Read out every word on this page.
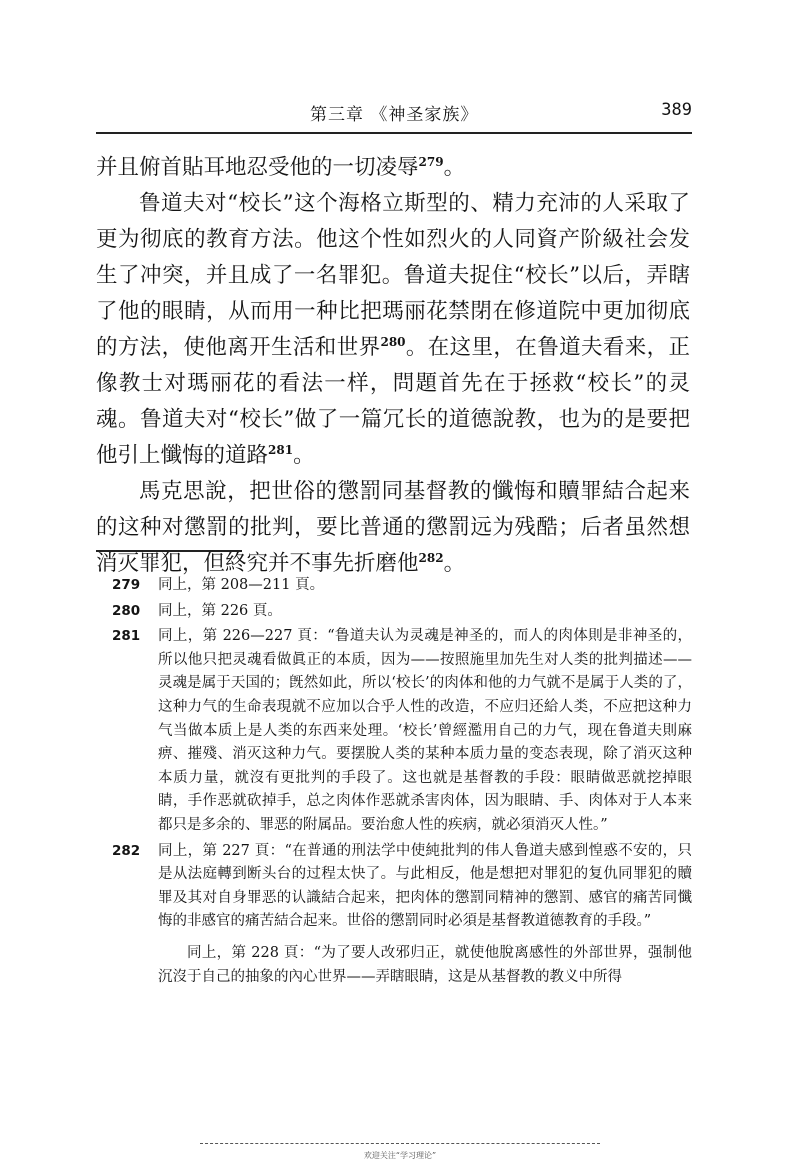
第三章 《神圣家族》	389

并且俯首貼耳地忍受他的一切凌辱$^{279}$。

鲁道夫对“校长”这个海格立斯型的、精力充沛的人采取了更为彻底的教育方法。他这个性如烈火的人同資产阶級社会发生了冲突，并且成了一名罪犯。鲁道夫捉住“校长”以后，弄瞎了他的眼睛，从而用一种比把瑪丽花禁閉在修道院中更加彻底的方法，使他离开生活和世界$^{280}$。在这里，在鲁道夫看来，正像教士对瑪丽花的看法一样，問題首先在于拯救“校长”的灵魂。鲁道夫对“校长”做了一篇冗长的道德說教，也为的是要把他引上懺悔的道路$^{281}$。

馬克思說，把世俗的懲罰同基督教的懺悔和贖罪結合起来的这种对懲罰的批判，要比普通的懲罰远为残酷；后者虽然想消灭罪犯，但終究并不事先折磨他$^{282}$。

279 同上，第 208—211 頁。
280 同上，第 226 頁。
281 同上，第 226—227 頁：“鲁道夫认为灵魂是神圣的，而人的肉体則是非神圣的，所以他只把灵魂看做眞正的本质，因为——按照施里加先生对人类的批判描述——灵魂是属于天国的；旣然如此，所以‘校长’的肉体和他的力气就不是属于人类的了，这种力气的生命表現就不应加以合乎人性的改造，不应归还給人类，不应把这种力气当做本质上是人类的东西来处理。‘校长’曾經濫用自己的力气，现在鲁道夫則麻痹、摧殘、消灭这种力气。要摆脫人类的某种本质力量的变态表现，除了消灭这种本质力量，就沒有更批判的手段了。这也就是基督教的手段：眼睛做恶就挖掉眼睛，手作恶就砍掉手，总之肉体作恶就杀害肉体，因为眼睛、手、肉体对于人本来都只是多余的、罪恶的附属品。要治愈人性的疾病，就必須消灭人性。”
282 同上，第 227 頁：“在普通的刑法学中使純批判的伟人鲁道夫感到惶惑不安的，只是从法庭轉到断头台的过程太快了。与此相反，他是想把对罪犯的复仇同罪犯的贖罪及其对自身罪恶的认識結合起来，把肉体的懲罰同精神的懲罰、感官的痛苦同懺悔的非感官的痛苦結合起来。世俗的懲罰同时必須是基督教道德教育的手段。”
同上，第 228 頁：“为了要人改邪归正，就使他脫离感性的外部世界，强制他沉沒于自己的抽象的內心世界——弄瞎眼睛，这是从基督教的教义中所得
欢迎关注“学习理论”
